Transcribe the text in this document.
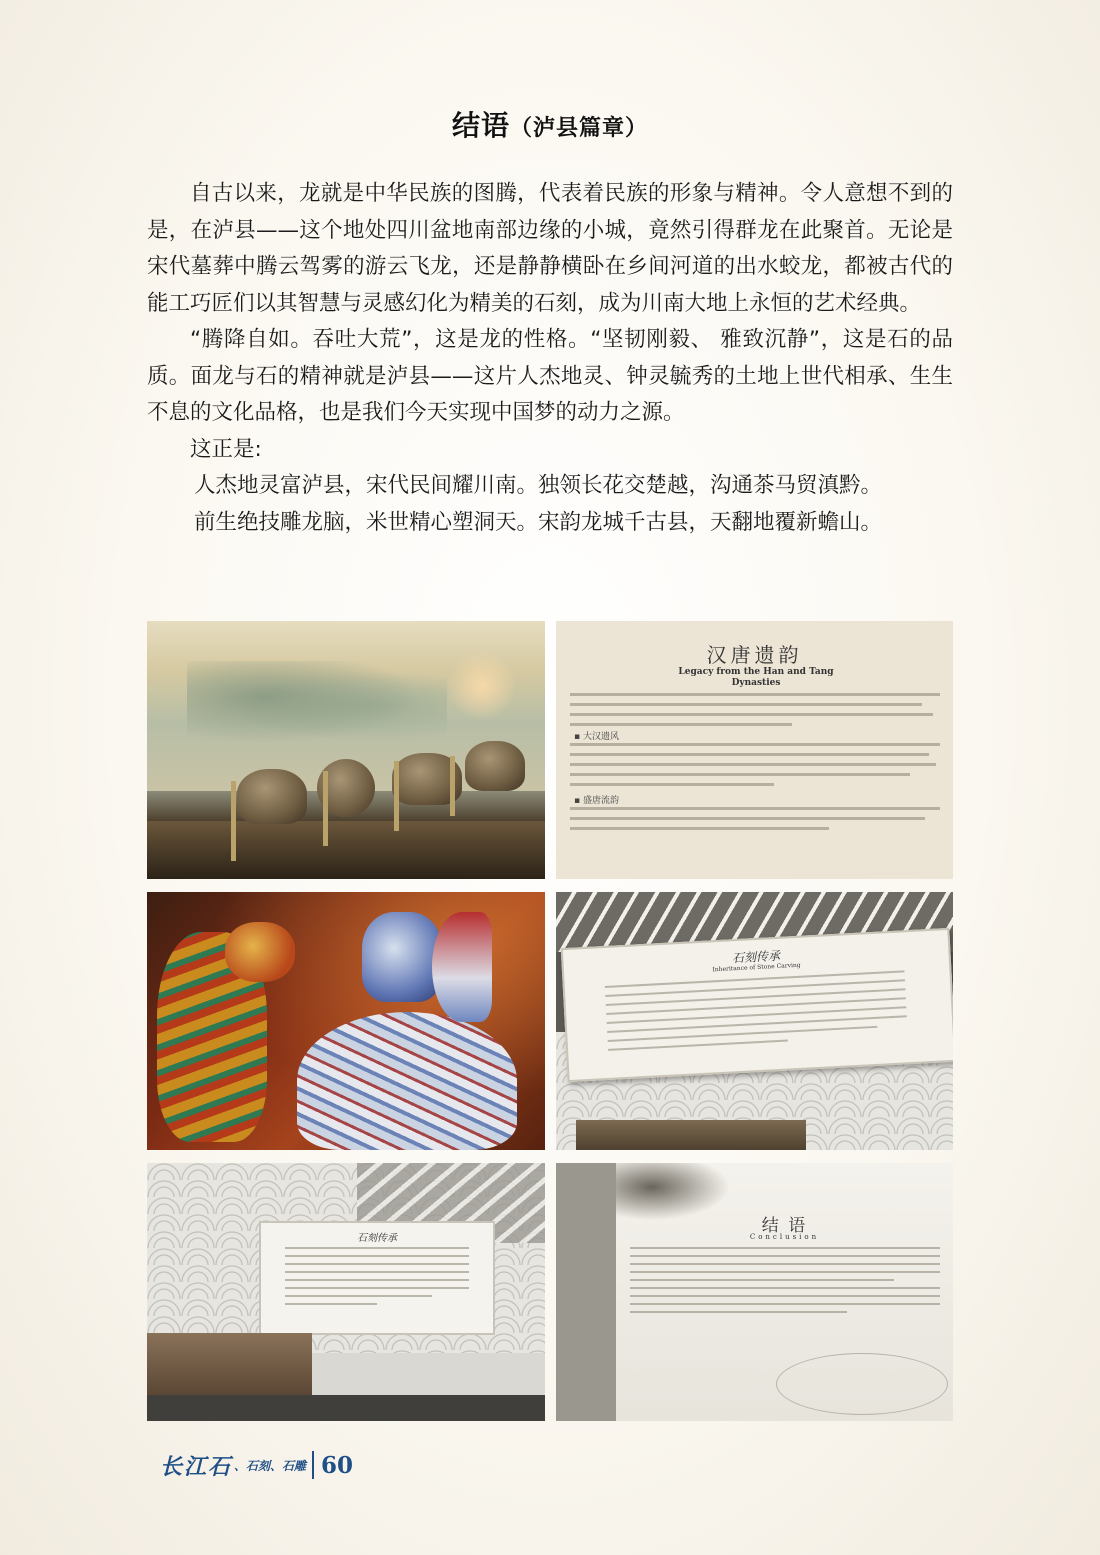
结语（泸县篇章）

自古以来，龙就是中华民族的图腾，代表着民族的形象与精神。令人意想不到的是，在泸县——这个地处四川盆地南部边缘的小城，竟然引得群龙在此聚首。无论是宋代墓葬中腾云驾雾的游云飞龙，还是静静横卧在乡间河道的出水蛟龙，都被古代的能工巧匠们以其智慧与灵感幻化为精美的石刻，成为川南大地上永恒的艺术经典。

“腾降自如。吞吐大荒”，这是龙的性格。“坚韧刚毅、 雅致沉静”，这是石的品质。面龙与石的精神就是泸县——这片人杰地灵、钟灵毓秀的土地上世代相承、生生不息的文化品格，也是我们今天实现中国梦的动力之源。

这正是:

人杰地灵富泸县，宋代民间耀川南。独领长花交楚越，沟通茶马贸滇黔。
前生绝技雕龙脑，米世精心塑洞天。宋韵龙城千古县，天翻地覆新蟾山。
汉唐遗韵
Legacy from the Han and Tang Dynasties
▪ 大汉遗风
▪ 盛唐流韵
石刻传承
Inheritance of Stone Carving
石刻传承
结 语
Conclusion
长江石 、石刻、石雕 60
